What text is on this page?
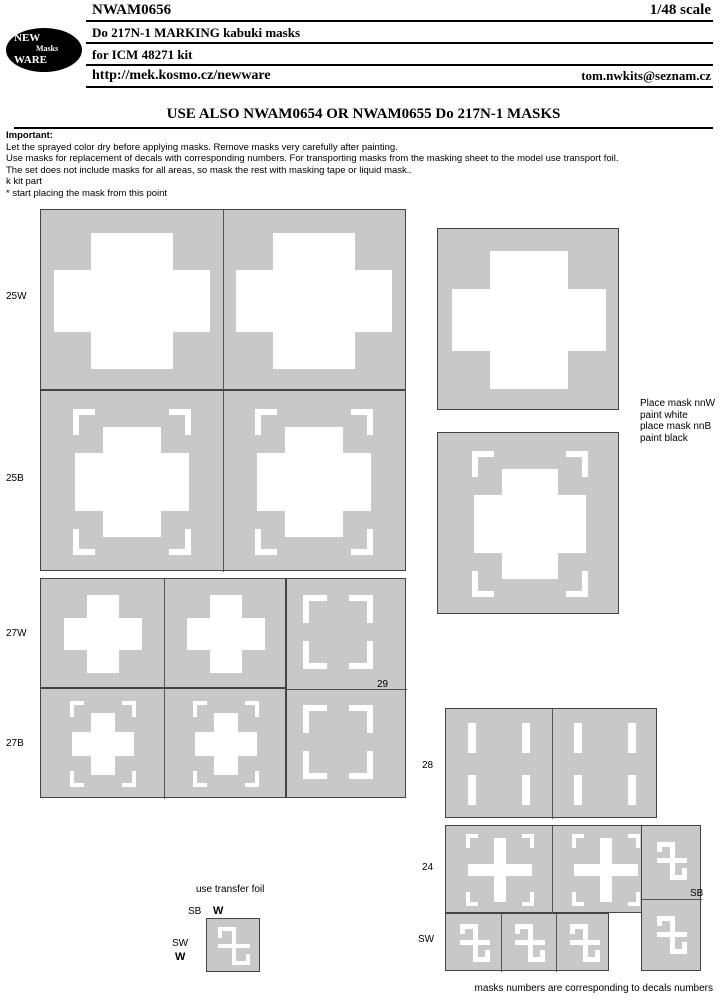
NWAM0656	1/48 scale
Do 217N-1 MARKING kabuki masks
for ICM 48271 kit
http://mek.kosmo.cz/newware	tom.nwkits@seznam.cz
NEW
Masks
WARE
USE ALSO NWAM0654 OR NWAM0655 Do 217N-1 MASKS

Important:

Let the sprayed color dry before applying masks. Remove masks very carefully after painting.

Use masks for replacement of decals with corresponding numbers. For transporting masks from the masking sheet to the model use transport foil.

The set does not include masks for all areas, so mask the rest with masking tape or liquid mask..

k kit part

* start placing the mask from this point

25W
25B
27W
27B
29
Place mask nnW
paint white
place mask nnB
paint black
28
24
SW
SB
use transfer foil
SB W
SW
W
masks numbers are corresponding to decals numbers
